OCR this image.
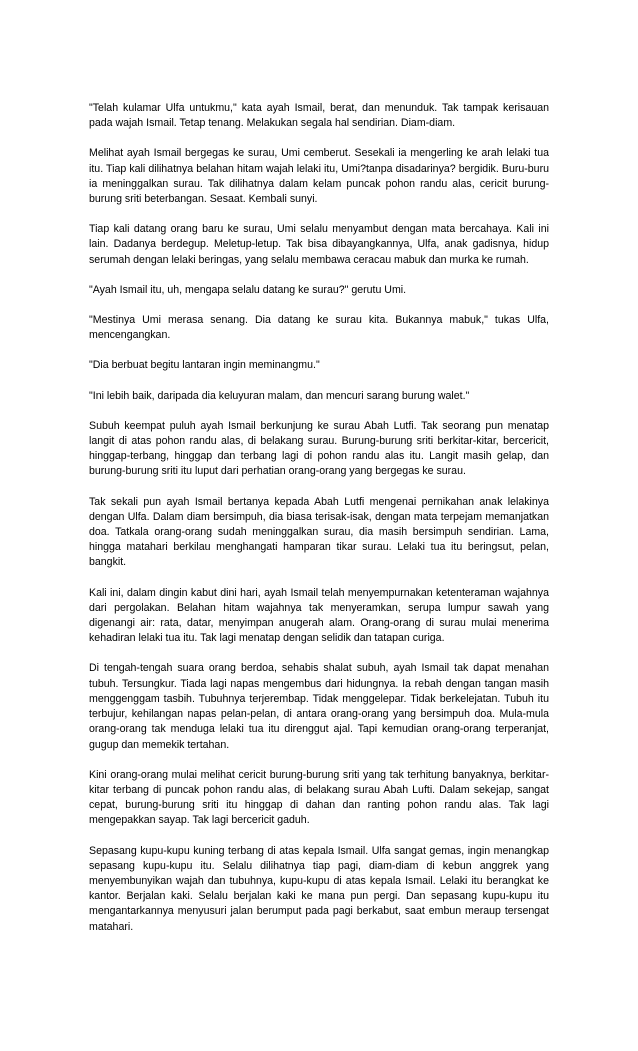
"Telah kulamar Ulfa untukmu," kata ayah Ismail, berat, dan menunduk. Tak tampak kerisauan pada wajah Ismail. Tetap tenang. Melakukan segala hal sendirian. Diam-diam.

Melihat ayah Ismail bergegas ke surau, Umi cemberut. Sesekali ia mengerling ke arah lelaki tua itu. Tiap kali dilihatnya belahan hitam wajah lelaki itu, Umi?tanpa disadarinya? bergidik. Buru-buru ia meninggalkan surau. Tak dilihatnya dalam kelam puncak pohon randu alas, cericit burung-burung sriti beterbangan. Sesaat. Kembali sunyi.

Tiap kali datang orang baru ke surau, Umi selalu menyambut dengan mata bercahaya. Kali ini lain. Dadanya berdegup. Meletup-letup. Tak bisa dibayangkannya, Ulfa, anak gadisnya, hidup serumah dengan lelaki beringas, yang selalu membawa ceracau mabuk dan murka ke rumah.

"Ayah Ismail itu, uh, mengapa selalu datang ke surau?" gerutu Umi.

"Mestinya Umi merasa senang. Dia datang ke surau kita. Bukannya mabuk," tukas Ulfa, mencengangkan.

"Dia berbuat begitu lantaran ingin meminangmu."

"Ini lebih baik, daripada dia keluyuran malam, dan mencuri sarang burung walet."

Subuh keempat puluh ayah Ismail berkunjung ke surau Abah Lutfi. Tak seorang pun menatap langit di atas pohon randu alas, di belakang surau. Burung-burung sriti berkitar-kitar, bercericit, hinggap-terbang, hinggap dan terbang lagi di pohon randu alas itu. Langit masih gelap, dan burung-burung sriti itu luput dari perhatian orang-orang yang bergegas ke surau.

Tak sekali pun ayah Ismail bertanya kepada Abah Lutfi mengenai pernikahan anak lelakinya dengan Ulfa. Dalam diam bersimpuh, dia biasa terisak-isak, dengan mata terpejam memanjatkan doa. Tatkala orang-orang sudah meninggalkan surau, dia masih bersimpuh sendirian. Lama, hingga matahari berkilau menghangati hamparan tikar surau. Lelaki tua itu beringsut, pelan, bangkit.

Kali ini, dalam dingin kabut dini hari, ayah Ismail telah menyempurnakan ketenteraman wajahnya dari pergolakan. Belahan hitam wajahnya tak menyeramkan, serupa lumpur sawah yang digenangi air: rata, datar, menyimpan anugerah alam. Orang-orang di surau mulai menerima kehadiran lelaki tua itu. Tak lagi menatap dengan selidik dan tatapan curiga.

Di tengah-tengah suara orang berdoa, sehabis shalat subuh, ayah Ismail tak dapat menahan tubuh. Tersungkur. Tiada lagi napas mengembus dari hidungnya. Ia rebah dengan tangan masih menggenggam tasbih. Tubuhnya terjerembap. Tidak menggelepar. Tidak berkelejatan. Tubuh itu terbujur, kehilangan napas pelan-pelan, di antara orang-orang yang bersimpuh doa. Mula-mula orang-orang tak menduga lelaki tua itu direnggut ajal. Tapi kemudian orang-orang terperanjat, gugup dan memekik tertahan.

Kini orang-orang mulai melihat cericit burung-burung sriti yang tak terhitung banyaknya, berkitar-kitar terbang di puncak pohon randu alas, di belakang surau Abah Lufti. Dalam sekejap, sangat cepat, burung-burung sriti itu hinggap di dahan dan ranting pohon randu alas. Tak lagi mengepakkan sayap. Tak lagi bercericit gaduh.

Sepasang kupu-kupu kuning terbang di atas kepala Ismail. Ulfa sangat gemas, ingin menangkap sepasang kupu-kupu itu. Selalu dilihatnya tiap pagi, diam-diam di kebun anggrek yang menyembunyikan wajah dan tubuhnya, kupu-kupu di atas kepala Ismail. Lelaki itu berangkat ke kantor. Berjalan kaki. Selalu berjalan kaki ke mana pun pergi. Dan sepasang kupu-kupu itu mengantarkannya menyusuri jalan berumput pada pagi berkabut, saat embun meraup tersengat matahari.
